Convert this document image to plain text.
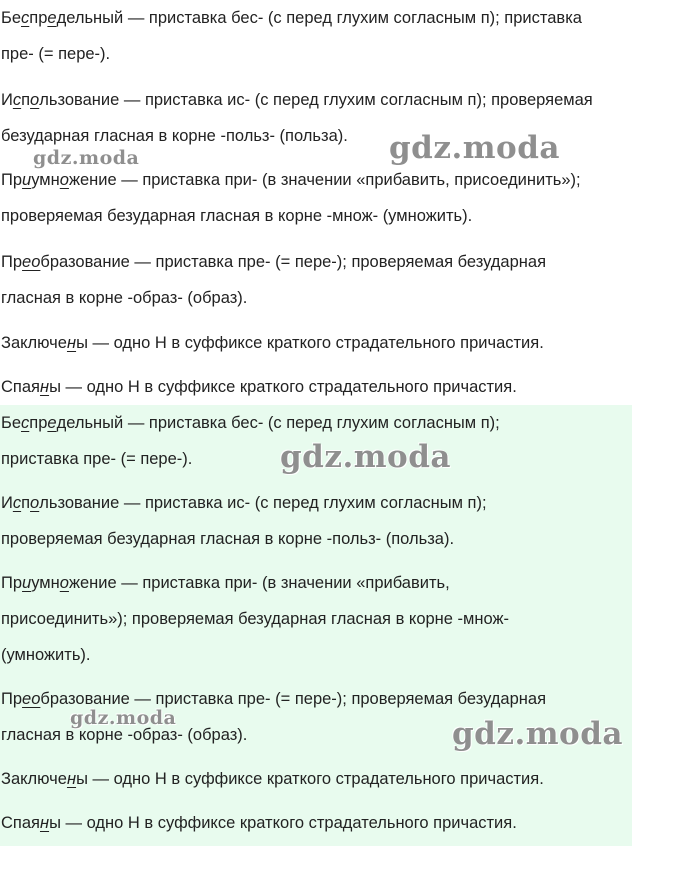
Беспредельный — приставка бес- (с перед глухим согласным п); приставка

пре- (= пере-).

Использование — приставка ис- (с перед глухим согласным п); проверяемая

безударная гласная в корне -польз- (польза).

Приумножение — приставка при- (в значении «прибавить, присоединить»);

проверяемая безударная гласная в корне -множ- (умножить).

Преобразование — приставка пре- (= пере-); проверяемая безударная

гласная в корне -образ- (образ).

Заключены — одно Н в суффиксе краткого страдательного причастия.

Спаяны — одно Н в суффиксе краткого страдательного причастия.

Беспредельный — приставка бес- (с перед глухим согласным п);

приставка пре- (= пере-).

Использование — приставка ис- (с перед глухим согласным п);

проверяемая безударная гласная в корне -польз- (польза).

Приумножение — приставка при- (в значении «прибавить,

присоединить»); проверяемая безударная гласная в корне -множ-

(умножить).

Преобразование — приставка пре- (= пере-); проверяемая безударная

гласная в корне -образ- (образ).

Заключены — одно Н в суффиксе краткого страдательного причастия.

Спаяны — одно Н в суффиксе краткого страдательного причастия.

gdz.moda	gdz.moda
gdz.moda
gdz.moda	gdz.moda
